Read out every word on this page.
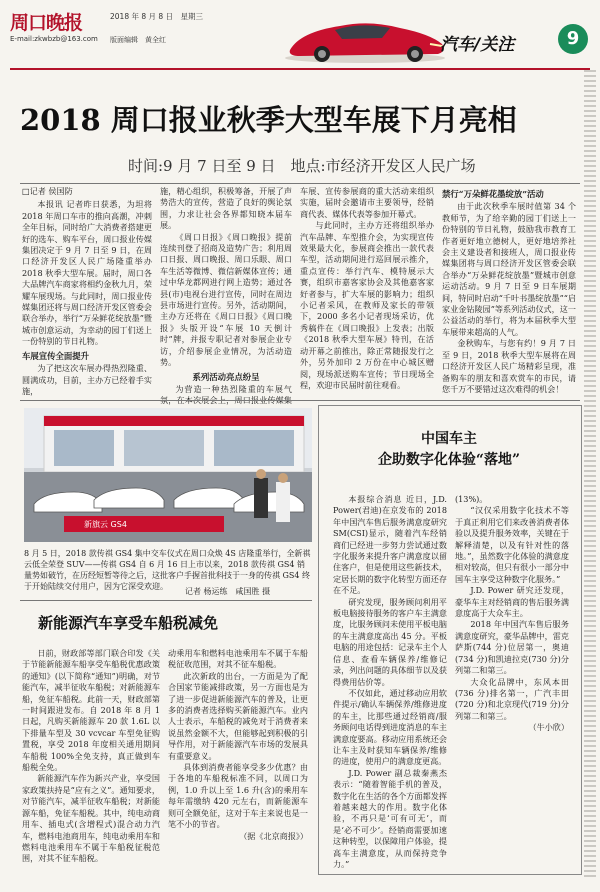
周口晚报	2018 年 8 月 8 日　星期三
E-mail:zkwbzb@163.com 版面编辑　黄全红	汽车/关注	9
2018 周口报业秋季大型车展下月亮相
时间:9 月 7 日至 9 日　地点:市经济开发区人民广场
□记者 侯国防

本报讯 记者昨日获悉，为坦将 2018 年周口车市的推向高潮，冲刺全年目标，同时给广大消费者搭建更好的选车、购车平台，周口报业传媒集团决定于 9 月 7 日至 9 日，在周口经济开发区人民广场隆重举办 2018 秋季大型车展。届时，周口各大品牌汽车商家将相约金秋九月，荣耀车展现场。与此同时，周口报业传媒集团还将与周口经济开发区管委会联合举办，举行“万朵鲜花绽放墨”暨城市创意运动，为幸动的园丁们送上一份特别的节日礼物。

车展宣传全面提升

为了把这次车展办得热烈隆重、圆满成功，目前，主办方已经着手实施，

施，精心组织，积极筹备，开展了声势浩大的宣传，营造了良好的舆论氛围，力求让社会各界都知晓本届车展。

《周口日报》《周口晚报》提前连续刊登了招商及造势广告；利用周口日报、周口晚报、周口乐眼、周口车生活等微博、微信新媒体宣传；通过中华龙都网进行网上造势；通过各县(市)电视台进行宣传，同时在周边县市场进行宣传。另外，活动期间，主办方还将在《周口日报》《周口晚报》头版开设“车展 10 天倒计时”牌，并报专职记者对参展企业专访，介绍参展企业情况，为活动造势。

系列活动亮点纷呈

为营造一种热烈隆重的车展气

车展、宣传参展商的重大活动来组织实施，届时会邀请市主要领导，经销商代表、媒体代表等参加开幕式。

与此同时，主办方还将组织举办汽车品牌、车型推介会，为实现宣传效果最大化，参展商会推出一款代表车型，活动期间进行巡回展示推介，重点宣传：举行汽车、模特展示大赛，组织市嘉客家协会及其他嘉客家好者参与，扩大车展的影响力；组织小记者采风，在教师及家长的带领下，2000 多名小记者现场采访，优秀稿件在《周口晚报》上发表；出版《2018 秋季大型车展》特刊，在活动开幕之前推出，除正常随报发行之外，另外加印 2 万份在中心城区赠阅，现场派送购车宣传；节日现场全程，欢迎市民届时前往观看。

禁行“万朵鲜花墨绽放”活动

由于此次秋季车展时值第 34 个教师节，为了给辛勤的园丁们送上一份特别的节日礼物，鼓励我市教育工作者更好地立德树人，更好地培养社会主义建设者和接班人，周口报业传媒集团将与周口经济开发区管委会联合举办“万朵鲜花绽放墨”暨城市创意运动活动。9 月 7 日至 9 日车展期间，特同时启动“千叶书墨绽放墨”“启家业金钻陵园”等系列活动仪式，这一公益活动的举行，将为本届秋季大型车展带来超高的人气。

金秋购车，与您有约！9 月 7 日至 9 日，2018 秋季大型车展将在周口经济开发区人民广场精彩呈现，准备购车的朋友和喜欢赏车的市民，请您千万不要错过这次难得的机会！

新旗云 GS4
8 月 5 日，2018 款传祺 GS4 集中交车仪式在周口众焕 4S 店隆重举行，全新祺云低全荣登 SUV——传祺 GS4 自 6 月 16 日上市以来，2018 款传祺 GS4 销量势如破竹，在历经短暂等待之后，这批客户手握首批科技于一身的传祺 GS4 终于开始陆续交付用户，因为它深受欢迎。
记者 杨运练　咸国胜 摄
中国车主
企助数字化体验“落地”

本报综合消息 近日，J.D. Power(君迪)在京发布的 2018 年中国汽车售后服务满意度研究 SM(CSI)显示，随着汽车经销商们已经进一步努力尝试通过数字化服务来提升客户满意度以留住客户，但是使用这些新技术，定居长期的数字化转型方面还存在不足。

研究发现，服务顾问利用平板电脑接待服务的客户车主满意度，比服务顾问未使用平板电脑的车主满意度高出 45 分。平板电脑的用途包括：记录车主个人信息、查看车辆保养/维修记录，列出问题的具体细节以及获得费用估价等。

不仅如此，通过移动应用软件提示/确认车辆保养/维修进度的车主，比那些通过经销商/服务顾问电话得到进度消息的车主满意度要高。移动应用系统还会让车主及时获知车辆保养/维修的进度，使用户的满意度更高。

J.D. Power 副总裁秦燕杰表示：“随着智能手机的普及，数字化在生活的各个方面都发挥着越来越大的作用。数字化体验，不再只是‘可有可无’，而是‘必不可少’。经销商需要加速这种转型，以保障用户体验，提高车主满意度，从而保持竞争力。”

(13%)。

“汉仅采用数字化技术不等于真正利用它们来改善消费者体验以及提升服务效率，关键在于解释清楚，以及有针对性的落地。”，虽然数字化体验的满意度相对较高，但只有很小一部分中国车主享受这种数字化服务。”

J.D. Power 研究还发现，豪华车主对经销商的售后服务满意度高于大众车主。

2018 年中国汽车售后服务满意度研究，豪华品牌中，雷克萨斯(744 分)位居第一，奥迪(734 分)和凯迪拉克(730 分)分列第二和第三。

大众化品牌中，东风本田(736 分)排名第一，广汽丰田(720 分)和北京现代(719 分)分列第二和第三。

（牛小欣）

新能源汽车享受车船税减免

日前，财政部等部门联合印发《关于节能新能源车船享受车船税优惠政策的通知》(以下简称“通知”)明确，对节能汽车，减半征收车船税；对新能源车船，免征车船税。此前一天，财政部第一时间跟进发布。自 2018 年 8 月 1 日起，凡购买新能源车 20 款 1.6L 以下排量车型及 30 vcvcar 车型免征购置税，享受 2018 年度相关通用期间车船税 100%全免支持，真正做到车船税全免。

新能源汽车作为新兴产业，享受国家政策扶持是“应有之义”。通知要求，对节能汽车，减半征收车船税；对新能源车船，免征车船税。其中，纯电动商用车、插电式(含增程式)混合动力汽车，燃料电池商用车，纯电动乘用车和燃料电池乘用车不属于车船税征税范围，对其不征车船税。

动乘用车和燃料电池乘用车不属于车船税征收范围，对其不征车船税。

此次新政的出台，一方面是为了配合国家节能减排政策，另一方面也是为了进一步促进新能源汽车的普及，让更多的消费者选择购买新能源汽车。业内人士表示，车船税的减免对于消费者来说虽然金额不大，但能够起到积极的引导作用，对于新能源汽车市场的发展具有重要意义。

具体到消费者能享受多少优惠？由于各地的车船税标准不同，以周口为例，1.0 升以上至 1.6 升(含)的乘用车每年需缴纳 420 元左右，而新能源车则可全额免征，这对于车主来说也是一笔不小的节省。

（据《北京商报》）
